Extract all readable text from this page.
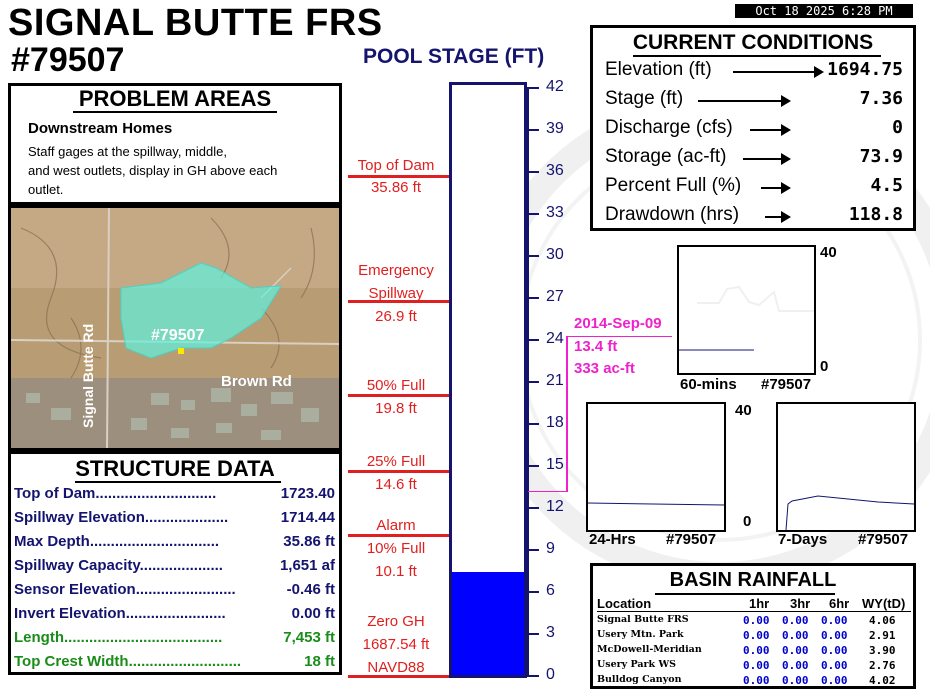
Oct 18 2025 6:28 PM
SIGNAL BUTTE FRS
#79507
PROBLEM AREAS
Downstream Homes
Staff gages at the spillway, middle,
and west outlets, display in GH above each
outlet.
#79507
Brown Rd
Signal Butte Rd
STRUCTURE DATA
Top of Dam.............................	1723.40
Spillway Elevation....................	1714.44
Max Depth...............................	35.86 ft
Spillway Capacity....................	1,651 af
Sensor Elevation........................	-0.46 ft
Invert Elevation........................	0.00 ft
Length......................................	7,453 ft
Top Crest Width...........................	18 ft
POOL STAGE (FT)
42
39
36
33
30
27
24
21
18
15
12
9
6
3
0
Top of Dam
35.86 ft
Emergency
Spillway
26.9 ft
50% Full
19.8 ft
25% Full
14.6 ft
Alarm
10% Full
10.1 ft
Zero GH
1687.54 ft
NAVD88
2014-Sep-09
13.4 ft
333 ac-ft
CURRENT CONDITIONS
Elevation (ft)	1694.75
Stage (ft)	7.36
Discharge (cfs)	0
Storage (ac-ft)	73.9
Percent Full (%)	4.5
Drawdown (hrs)	118.8
40
0
60-mins #79507
40
0
24-Hrs #79507	7-Days #79507
BASIN RAINFALL
Location	1hr 3hr 6hr WY(tD)
Signal Butte FRS	0.00 0.00 0.00 4.06
Usery Mtn. Park	0.00 0.00 0.00 2.91
McDowell-Meridian	0.00 0.00 0.00 3.90
Usery Park WS	0.00 0.00 0.00 2.76
Bulldog Canyon	0.00 0.00 0.00 4.02
